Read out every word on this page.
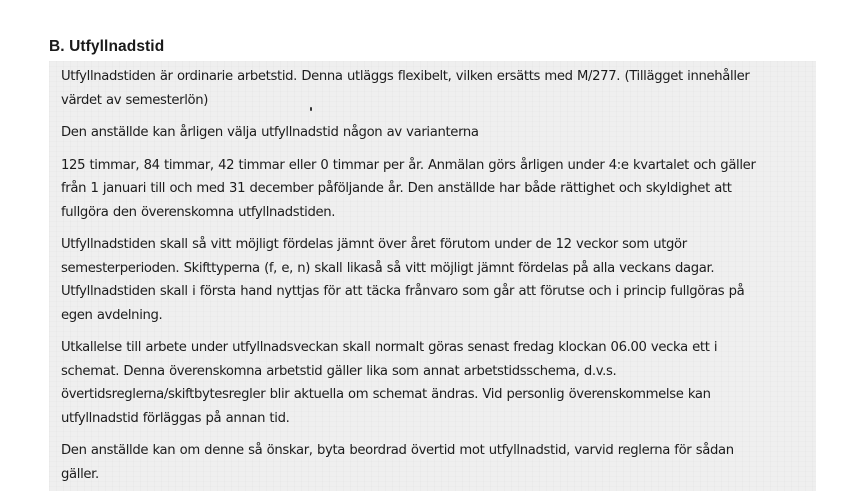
B. Utfyllnadstid

Utfyllnadstiden är ordinarie arbetstid. Denna utläggs flexibelt, vilken ersätts med M/277. (Tillägget innehåller
värdet av semesterlön)

Den anställde kan årligen välja utfyllnadstid någon av varianterna

125 timmar, 84 timmar, 42 timmar eller 0 timmar per år. Anmälan görs årligen under 4:e kvartalet och gäller
från 1 januari till och med 31 december påföljande år. Den anställde har både rättighet och skyldighet att
fullgöra den överenskomna utfyllnadstiden.

Utfyllnadstiden skall så vitt möjligt fördelas jämnt över året förutom under de 12 veckor som utgör
semesterperioden. Skifttyperna (f, e, n) skall likaså så vitt möjligt jämnt fördelas på alla veckans dagar.
Utfyllnadstiden skall i första hand nyttjas för att täcka frånvaro som går att förutse och i princip fullgöras på
egen avdelning.

Utkallelse till arbete under utfyllnadsveckan skall normalt göras senast fredag klockan 06.00 vecka ett i
schemat. Denna överenskomna arbetstid gäller lika som annat arbetstidsschema, d.v.s.
övertidsreglerna/skiftbytesregler blir aktuella om schemat ändras. Vid personlig överenskommelse kan
utfyllnadstid förläggas på annan tid.

Den anställde kan om denne så önskar, byta beordrad övertid mot utfyllnadstid, varvid reglerna för sådan
gäller.
